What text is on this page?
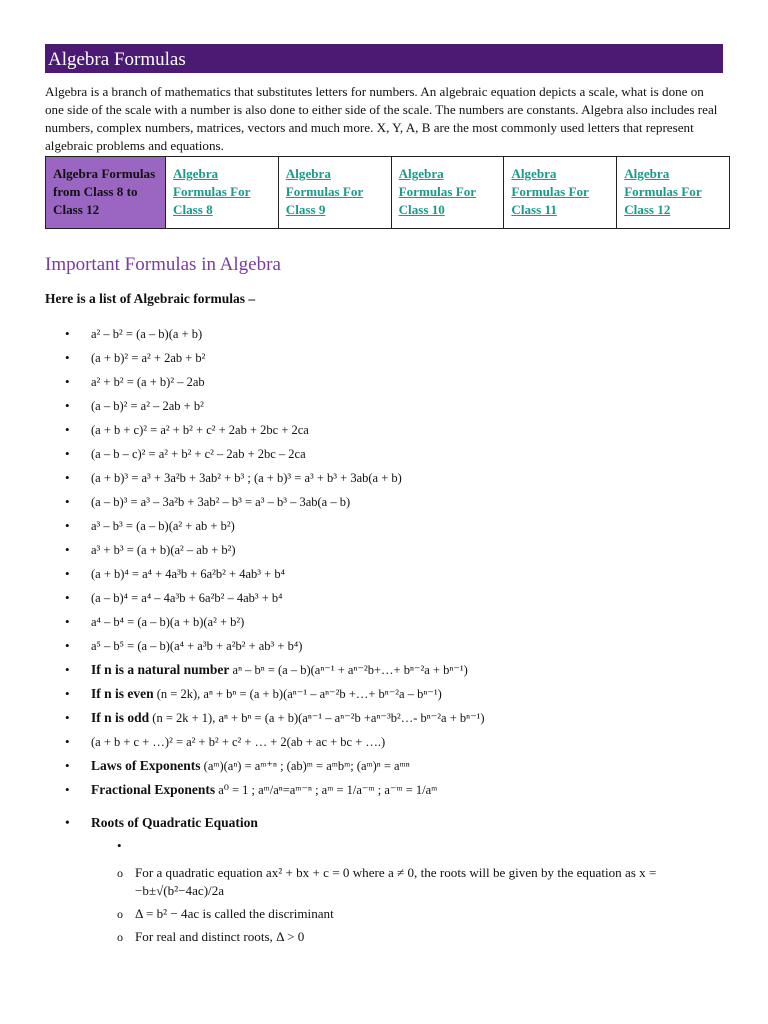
Algebra Formulas

Algebra is a branch of mathematics that substitutes letters for numbers. An algebraic equation depicts a scale, what is done on one side of the scale with a number is also done to either side of the scale. The numbers are constants. Algebra also includes real numbers, complex numbers, matrices, vectors and much more. X, Y, A, B are the most commonly used letters that represent algebraic problems and equations.

Algebra Formulas from Class 8 to Class 12	Algebra Formulas For Class 8	Algebra Formulas For Class 9	Algebra Formulas For Class 10	Algebra Formulas For Class 11	Algebra Formulas For Class 12
Important Formulas in Algebra
Here is a list of Algebraic formulas –
• a² – b² = (a – b)(a + b)
• (a + b)² = a² + 2ab + b²
• a² + b² = (a + b)² – 2ab
• (a – b)² = a² – 2ab + b²
• (a + b + c)² = a² + b² + c² + 2ab + 2bc + 2ca
• (a – b – c)² = a² + b² + c² – 2ab + 2bc – 2ca
• (a + b)³ = a³ + 3a²b + 3ab² + b³ ; (a + b)³ = a³ + b³ + 3ab(a + b)
• (a – b)³ = a³ – 3a²b + 3ab² – b³ = a³ – b³ – 3ab(a – b)
• a³ – b³ = (a – b)(a² + ab + b²)
• a³ + b³ = (a + b)(a² – ab + b²)
• (a + b)⁴ = a⁴ + 4a³b + 6a²b² + 4ab³ + b⁴
• (a – b)⁴ = a⁴ – 4a³b + 6a²b² – 4ab³ + b⁴
• a⁴ – b⁴ = (a – b)(a + b)(a² + b²)
• a⁵ – b⁵ = (a – b)(a⁴ + a³b + a²b² + ab³ + b⁴)
• If n is a natural number aⁿ – bⁿ = (a – b)(aⁿ⁻¹ + aⁿ⁻²b+…+ bⁿ⁻²a + bⁿ⁻¹)
• If n is even (n = 2k), aⁿ + bⁿ = (a + b)(aⁿ⁻¹ – aⁿ⁻²b +…+ bⁿ⁻²a – bⁿ⁻¹)
• If n is odd (n = 2k + 1), aⁿ + bⁿ = (a + b)(aⁿ⁻¹ – aⁿ⁻²b +aⁿ⁻³b²…- bⁿ⁻²a + bⁿ⁻¹)
• (a + b + c + …)² = a² + b² + c² + … + 2(ab + ac + bc + ….)
• Laws of Exponents (aᵐ)(aⁿ) = aᵐ⁺ⁿ ; (ab)ᵐ = aᵐbᵐ; (aᵐ)ⁿ = aᵐⁿ
• Fractional Exponents a⁰ = 1 ; aᵐ/aⁿ=aᵐ⁻ⁿ ; aᵐ = 1/a⁻ᵐ ; a⁻ᵐ = 1/aᵐ
• Roots of Quadratic Equation
•
o For a quadratic equation ax² + bx + c = 0 where a ≠ 0, the roots will be given by the equation as x = −b±√(b²−4ac)/2a
o Δ = b² − 4ac is called the discriminant
o For real and distinct roots, Δ > 0
